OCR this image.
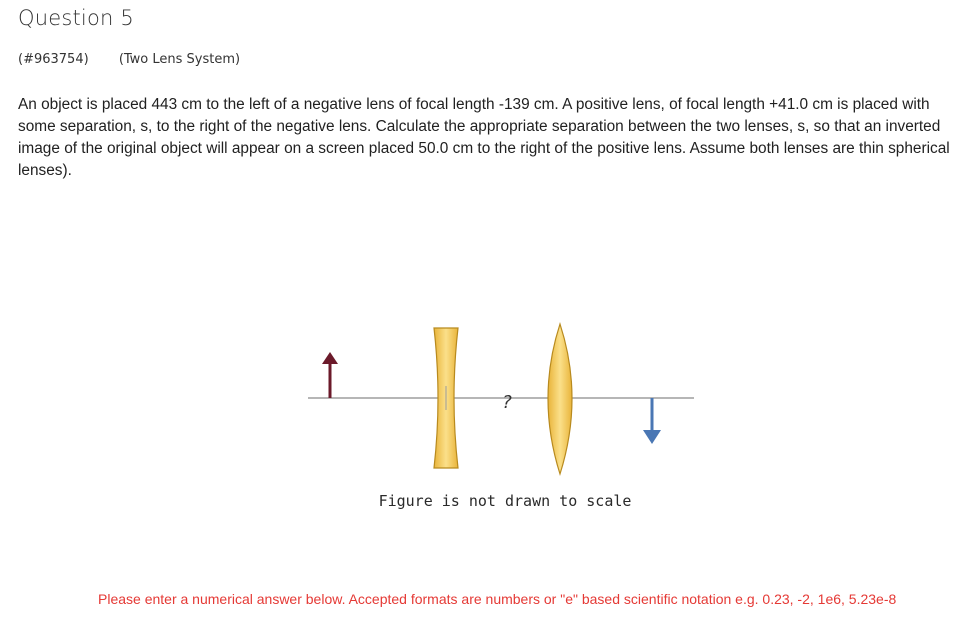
Question 5
(#963754) (Two Lens System)

An object is placed 443 cm to the left of a negative lens of focal length -139 cm. A positive lens, of focal length +41.0 cm is placed with some separation, s, to the right of the negative lens. Calculate the appropriate separation between the two lenses, s, so that an inverted image of the original object will appear on a screen placed 50.0 cm to the right of the positive lens. Assume both lenses are thin spherical lenses).

?
Figure is not drawn to scale
Please enter a numerical answer below. Accepted formats are numbers or "e" based scientific notation e.g. 0.23, -2, 1e6, 5.23e-8
